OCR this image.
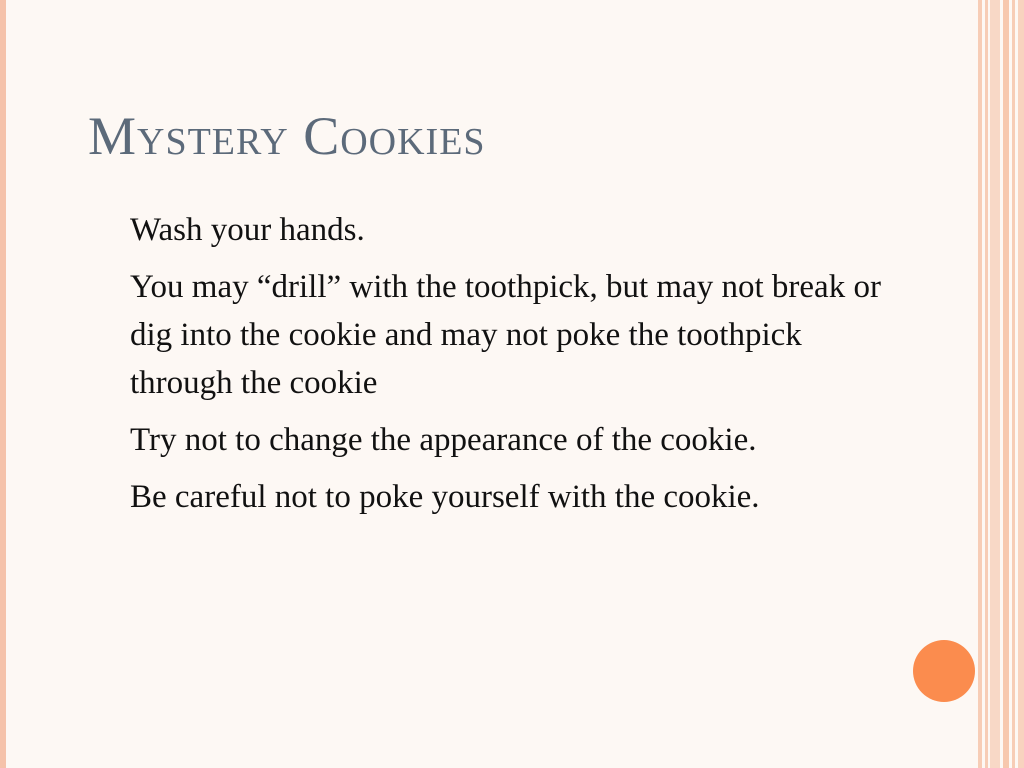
Mystery Cookies
Wash your hands.
You may “drill” with the toothpick, but may not break or dig into the cookie and may not poke the toothpick through the cookie
Try not to change the appearance of the cookie.
Be careful not to poke yourself with the cookie.
